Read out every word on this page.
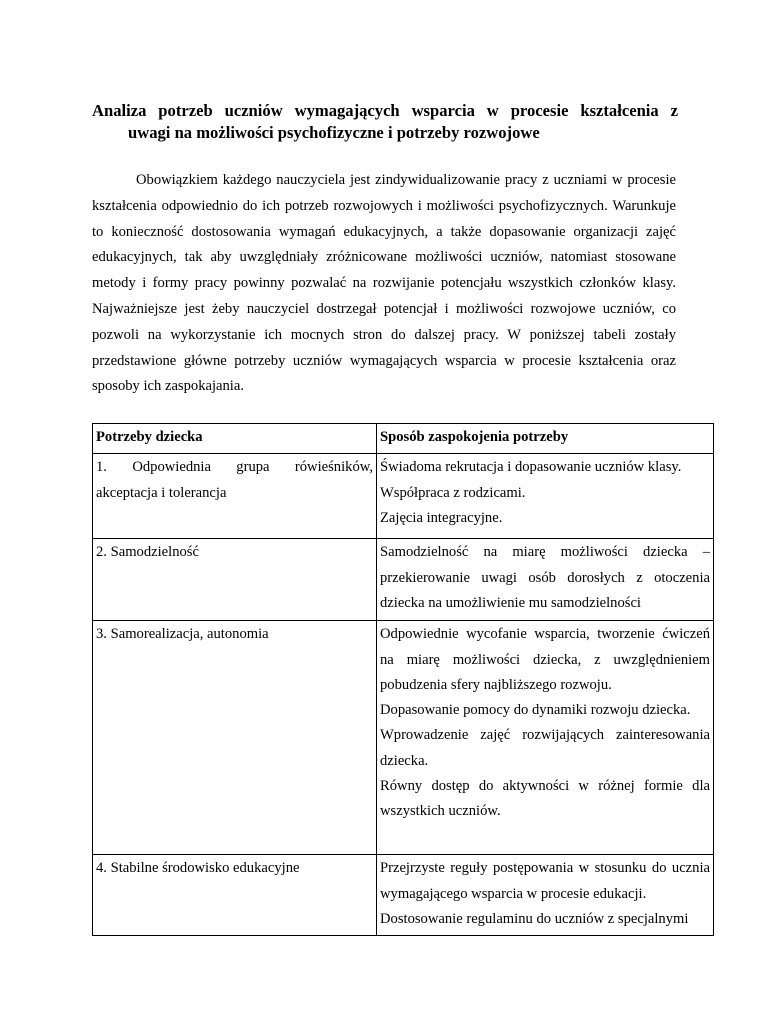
Analiza potrzeb uczniów wymagających wsparcia w procesie kształcenia z
uwagi na możliwości psychofizyczne i potrzeby rozwojowe

Obowiązkiem każdego nauczyciela jest zindywidualizowanie pracy z uczniami w procesie kształcenia odpowiednio do ich potrzeb rozwojowych i możliwości psychofizycznych. Warunkuje to konieczność dostosowania wymagań edukacyjnych, a także dopasowanie organizacji zajęć edukacyjnych, tak aby uwzględniały zróżnicowane możliwości uczniów, natomiast stosowane metody i formy pracy powinny pozwalać na rozwijanie potencjału wszystkich członków klasy. Najważniejsze jest żeby nauczyciel dostrzegał potencjał i możliwości rozwojowe uczniów, co pozwoli na wykorzystanie ich mocnych stron do dalszej pracy. W poniższej tabeli zostały przedstawione główne potrzeby uczniów wymagających wsparcia w procesie kształcenia oraz sposoby ich zaspokajania.

Potrzeby dziecka	Sposób zaspokojenia potrzeby

1. Odpowiednia grupa rówieśników, akceptacja i tolerancja	Świadoma rekrutacja i dopasowanie uczniów klasy.
Współpraca z rodzicami.
Zajęcia integracyjne.

2. Samodzielność	Samodzielność na miarę możliwości dziecka – przekierowanie uwagi osób dorosłych z otoczenia dziecka na umożliwienie mu samodzielności

3. Samorealizacja, autonomia	Odpowiednie wycofanie wsparcia, tworzenie ćwiczeń na miarę możliwości dziecka, z uwzględnieniem pobudzenia sfery najbliższego rozwoju.
Dopasowanie pomocy do dynamiki rozwoju dziecka.
Wprowadzenie zajęć rozwijających zainteresowania dziecka.
Równy dostęp do aktywności w różnej formie dla wszystkich uczniów.

4. Stabilne środowisko edukacyjne	Przejrzyste reguły postępowania w stosunku do ucznia wymagającego wsparcia w procesie edukacji.
Dostosowanie regulaminu do uczniów z specjalnymi
